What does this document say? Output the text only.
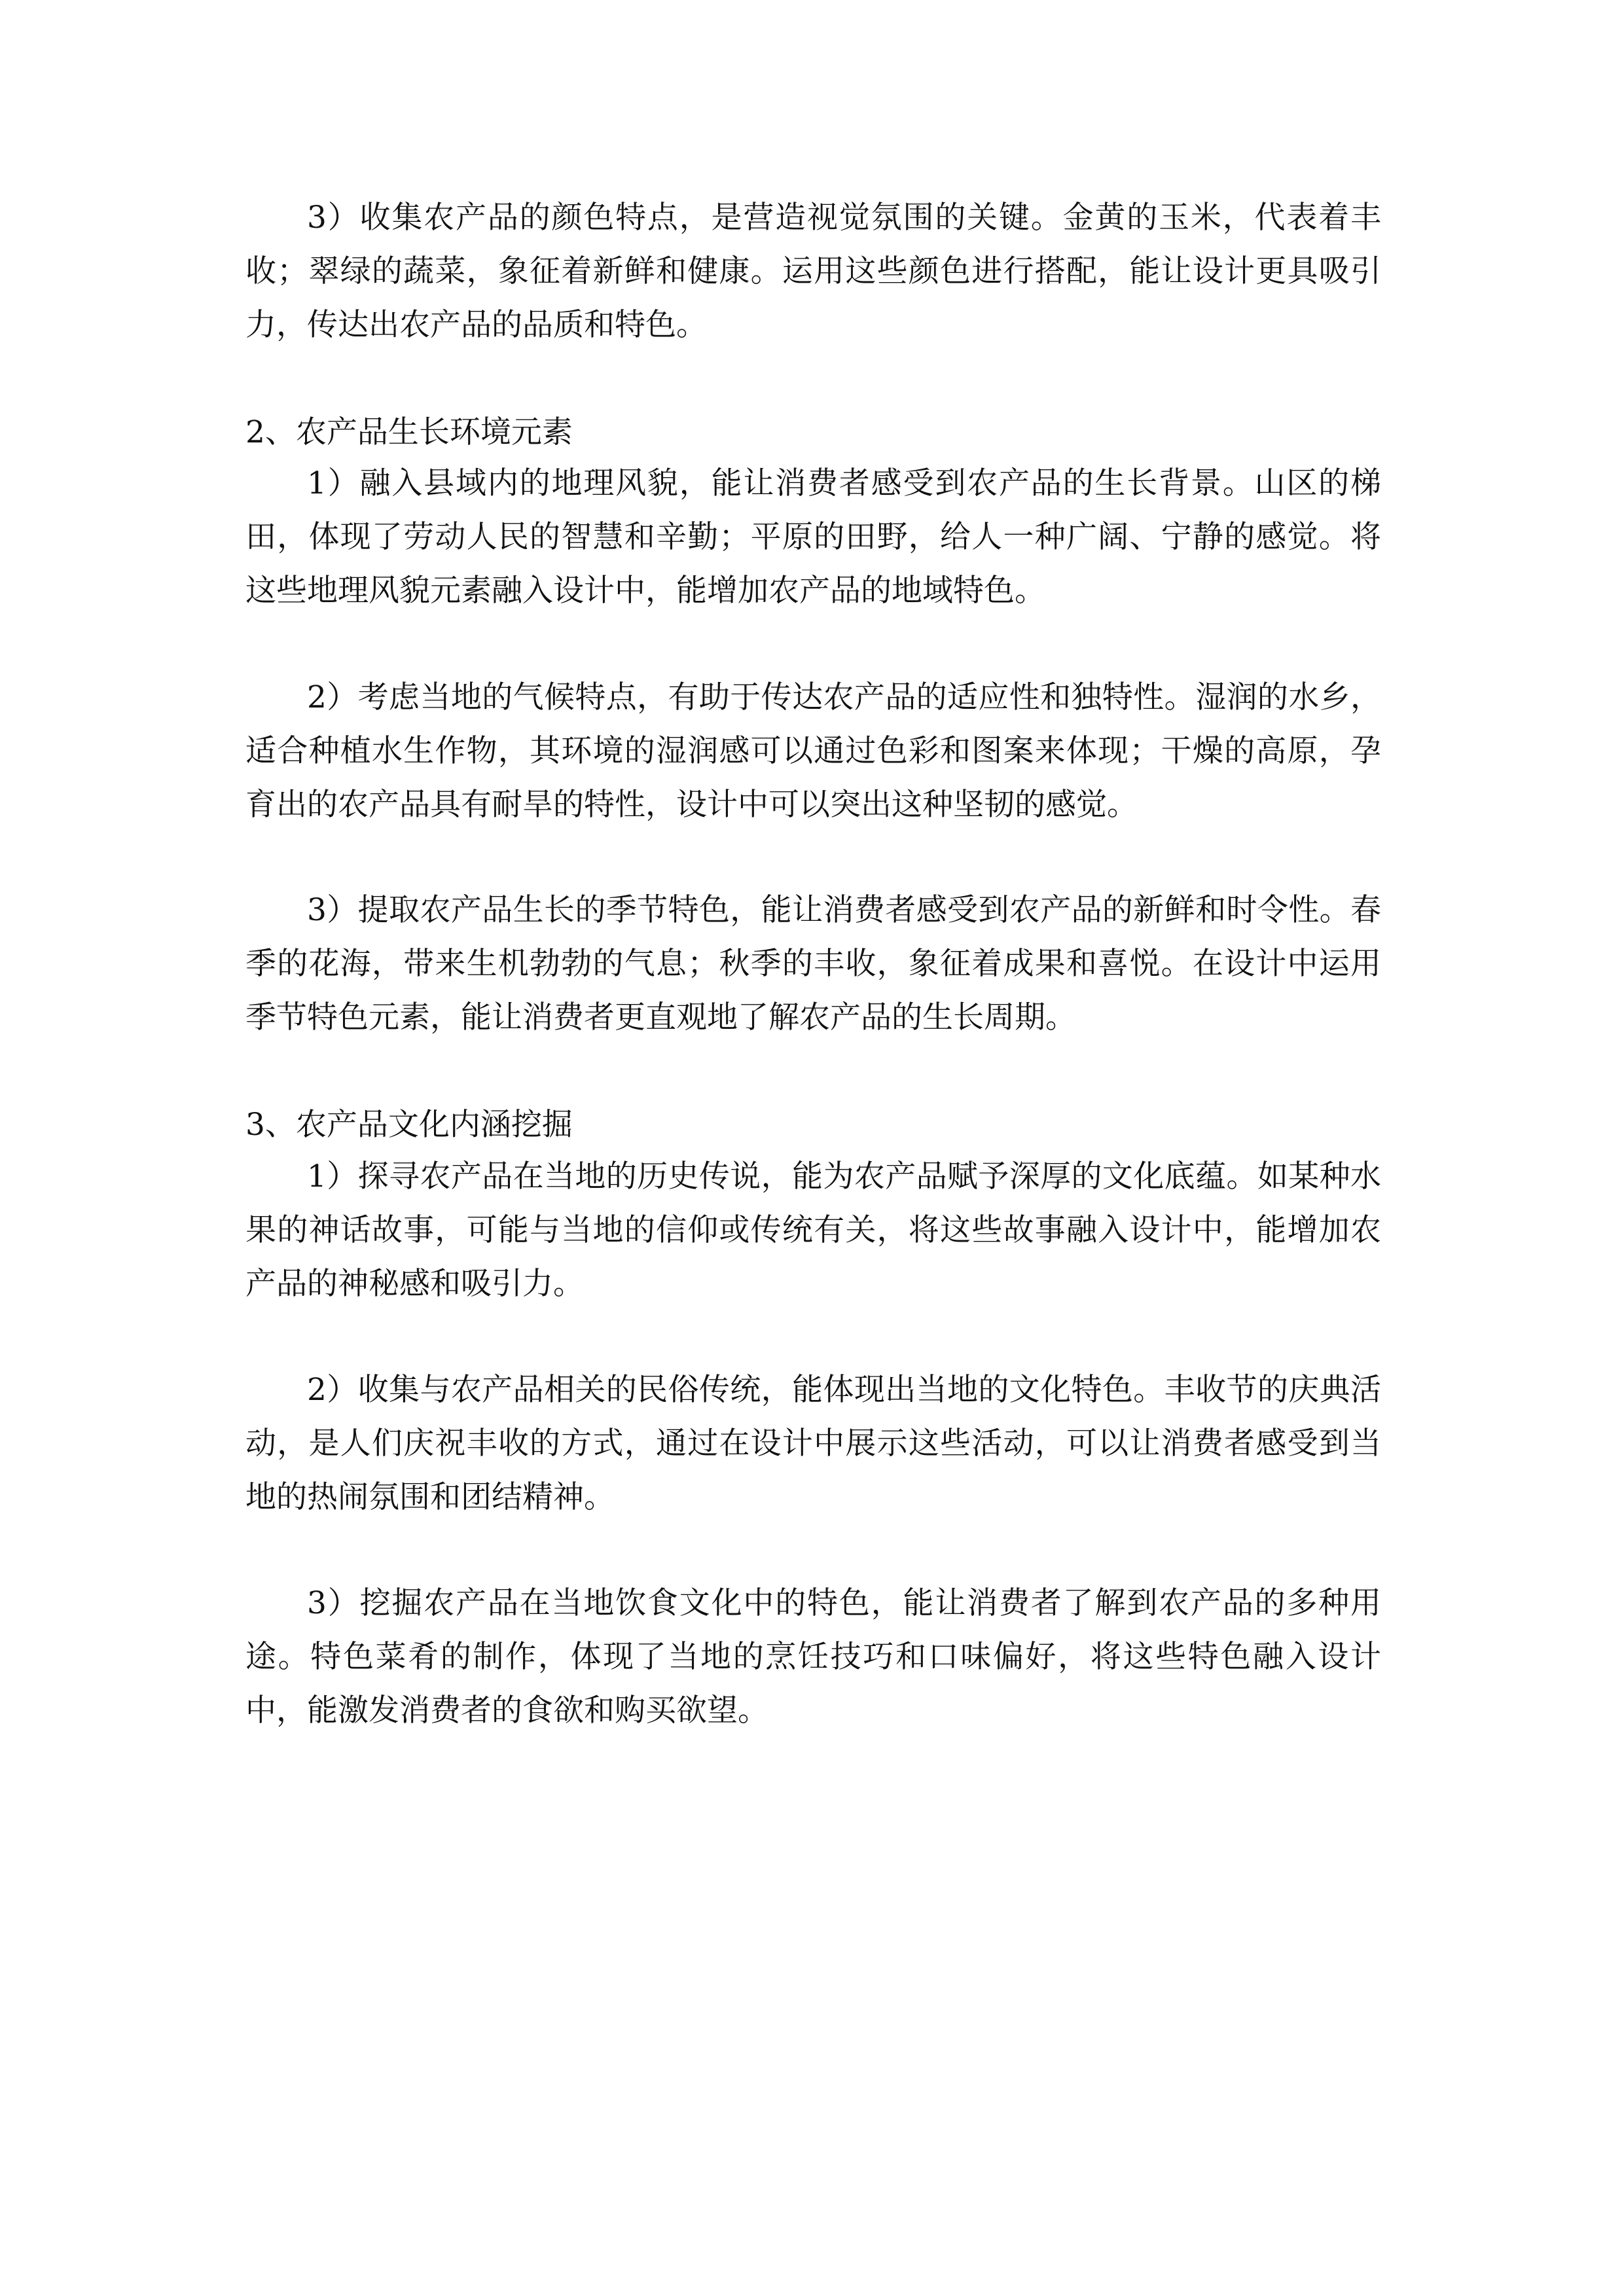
3）收集农产品的颜色特点，是营造视觉氛围的关键。金黄的玉米，代表着丰收；翠绿的蔬菜，象征着新鲜和健康。运用这些颜色进行搭配，能让设计更具吸引力，传达出农产品的品质和特色。

2、农产品生长环境元素

1）融入县域内的地理风貌，能让消费者感受到农产品的生长背景。山区的梯田，体现了劳动人民的智慧和辛勤；平原的田野，给人一种广阔、宁静的感觉。将这些地理风貌元素融入设计中，能增加农产品的地域特色。

2）考虑当地的气候特点，有助于传达农产品的适应性和独特性。湿润的水乡，适合种植水生作物，其环境的湿润感可以通过色彩和图案来体现；干燥的高原，孕育出的农产品具有耐旱的特性，设计中可以突出这种坚韧的感觉。

3）提取农产品生长的季节特色，能让消费者感受到农产品的新鲜和时令性。春季的花海，带来生机勃勃的气息；秋季的丰收，象征着成果和喜悦。在设计中运用季节特色元素，能让消费者更直观地了解农产品的生长周期。

3、农产品文化内涵挖掘

1）探寻农产品在当地的历史传说，能为农产品赋予深厚的文化底蕴。如某种水果的神话故事，可能与当地的信仰或传统有关，将这些故事融入设计中，能增加农产品的神秘感和吸引力。

2）收集与农产品相关的民俗传统，能体现出当地的文化特色。丰收节的庆典活动，是人们庆祝丰收的方式，通过在设计中展示这些活动，可以让消费者感受到当地的热闹氛围和团结精神。

3）挖掘农产品在当地饮食文化中的特色，能让消费者了解到农产品的多种用途。特色菜肴的制作，体现了当地的烹饪技巧和口味偏好，将这些特色融入设计中，能激发消费者的食欲和购买欲望。
